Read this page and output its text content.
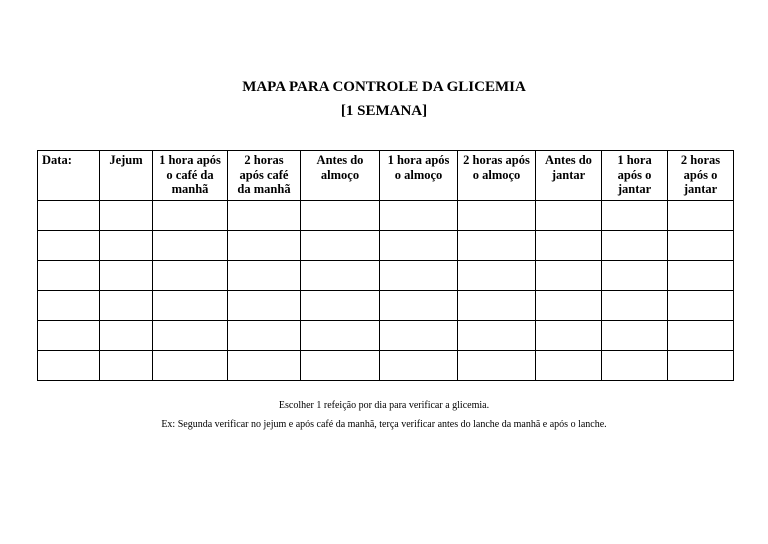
MAPA PARA CONTROLE DA GLICEMIA
[1 SEMANA]
Data:	Jejum	1 hora após
o café da
manhã	2 horas
após café
da manhã	Antes do
almoço	1 hora após
o almoço	2 horas após
o almoço	Antes do
jantar	1 hora
após o
jantar	2 horas
após o
jantar

Escolher 1 refeição por dia para verificar a glicemia.
Ex: Segunda verificar no jejum e após café da manhã, terça verificar antes do lanche da manhã e após o lanche.
